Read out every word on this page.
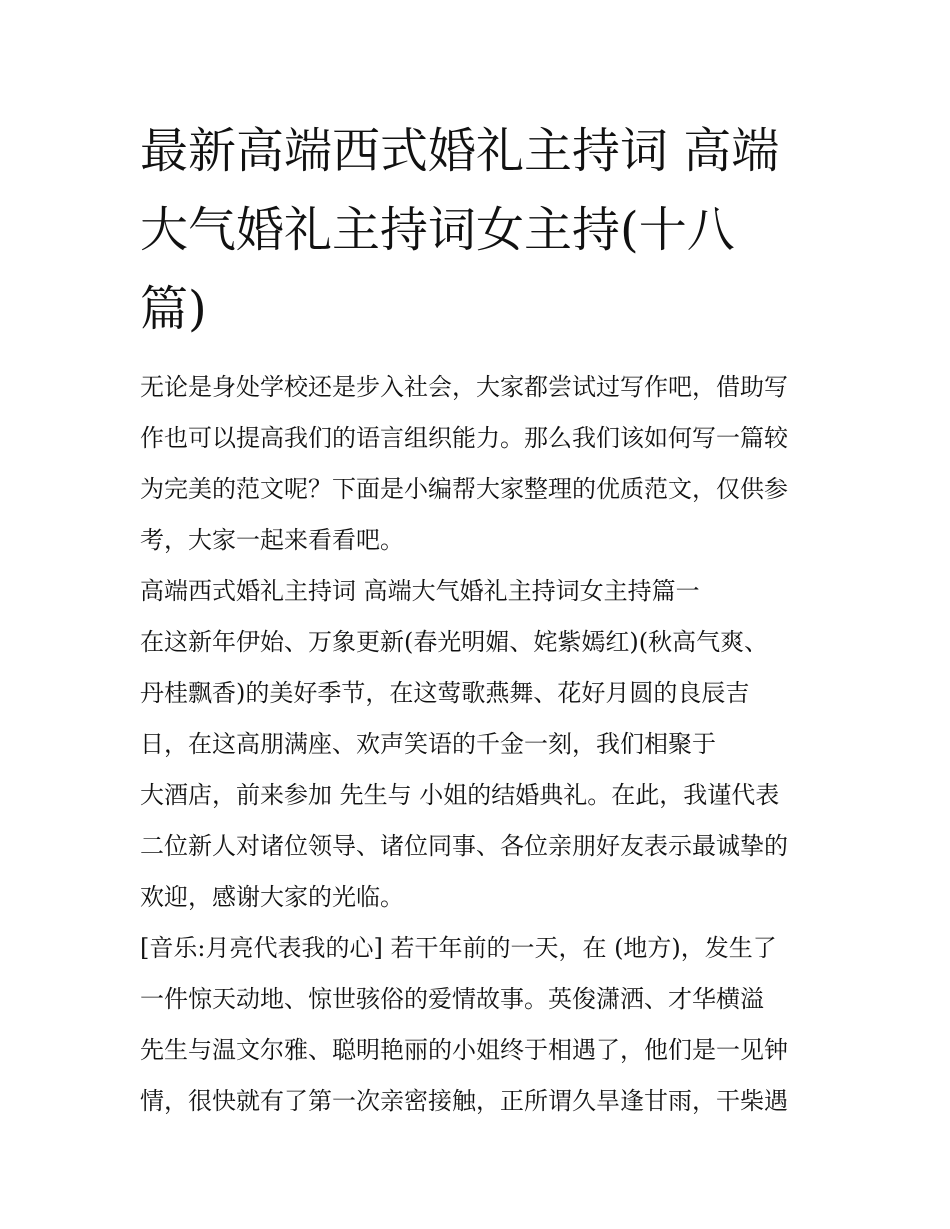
最新高端西式婚礼主持词 高端
大气婚礼主持词女主持(十八
篇)
无论是身处学校还是步入社会，大家都尝试过写作吧，借助写
作也可以提高我们的语言组织能力。那么我们该如何写一篇较
为完美的范文呢？下面是小编帮大家整理的优质范文，仅供参
考，大家一起来看看吧。
高端西式婚礼主持词 高端大气婚礼主持词女主持篇一
在这新年伊始、万象更新(春光明媚、姹紫嫣红)(秋高气爽、
丹桂飘香)的美好季节，在这莺歌燕舞、花好月圆的良辰吉
日，在这高朋满座、欢声笑语的千金一刻，我们相聚于
大酒店，前来参加 先生与 小姐的结婚典礼。在此，我谨代表
二位新人对诸位领导、诸位同事、各位亲朋好友表示最诚挚的
欢迎，感谢大家的光临。
[音乐:月亮代表我的心] 若干年前的一天，在 (地方)，发生了
一件惊天动地、惊世骇俗的爱情故事。英俊潇洒、才华横溢
先生与温文尔雅、聪明艳丽的小姐终于相遇了，他们是一见钟
情，很快就有了第一次亲密接触，正所谓久旱逢甘雨，干柴遇
